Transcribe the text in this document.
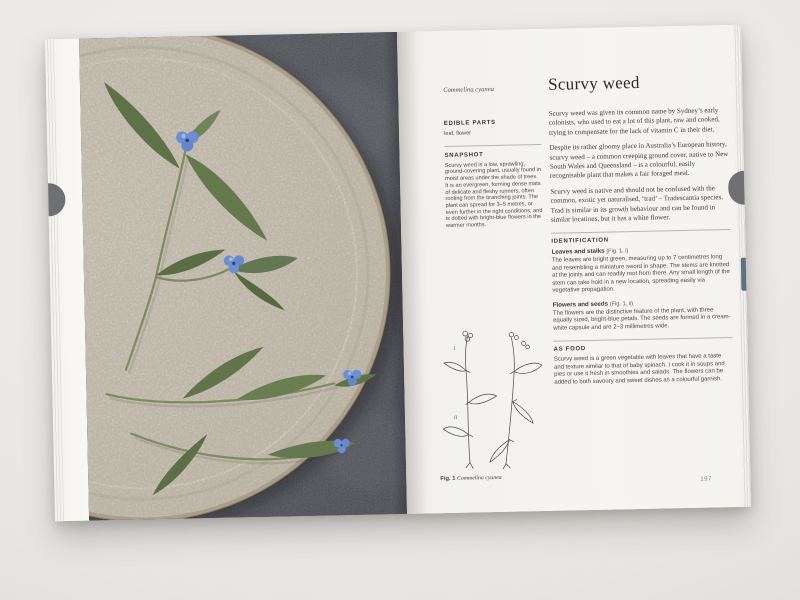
Commelina cyanea
EDIBLE PARTS
leaf, flower
SNAPSHOT
Scurvy weed is a low, sprawling, ground-covering plant, usually found in moist areas under the shade of trees. It is an evergreen, forming dense mats of delicate and fleshy runners, often rooting from the branching joints. The plant can spread for 3–5 metres, or even further in the right conditions, and is dotted with bright-blue flowers in the warmer months.
Scurvy weed

Scurvy weed was given its common name by Sydney’s early colonists, who used to eat a lot of this plant, raw and cooked, trying to compensate for the lack of vitamin C in their diet.

Despite its rather gloomy place in Australia’s European history, scurvy weed – a common creeping ground cover, native to New South Wales and Queensland – is a colourful, easily recognisable plant that makes a fair foraged meal.

Scurvy weed is native and should not be confused with the common, exotic yet naturalised, ‘trad’ – Tradescantia species. Trad is similar in its growth behaviour and can be found in similar locations, but it has a white flower.

IDENTIFICATION
Leaves and stalks (Fig. 1, i)

The leaves are bright green, measuring up to 7 centimetres long and resembling a miniature sword in shape. The stems are knotted at the joints and can readily root from there. Any small length of the stem can take hold in a new location, spreading easily via vegetative propagation.

Flowers and seeds (Fig. 1, ii)

The flowers are the distinctive feature of the plant, with three equally sized, bright-blue petals. The seeds are formed in a cream-white capsule and are 2–3 millimetres wide.

AS FOOD

Scurvy weed is a green vegetable with leaves that have a taste and texture similar to that of baby spinach. I cook it in soups and pies or use it fresh in smoothies and salads. The flowers can be added to both savoury and sweet dishes as a colourful garnish.

i
ii
Fig. 1 Commelina cyanea	197
